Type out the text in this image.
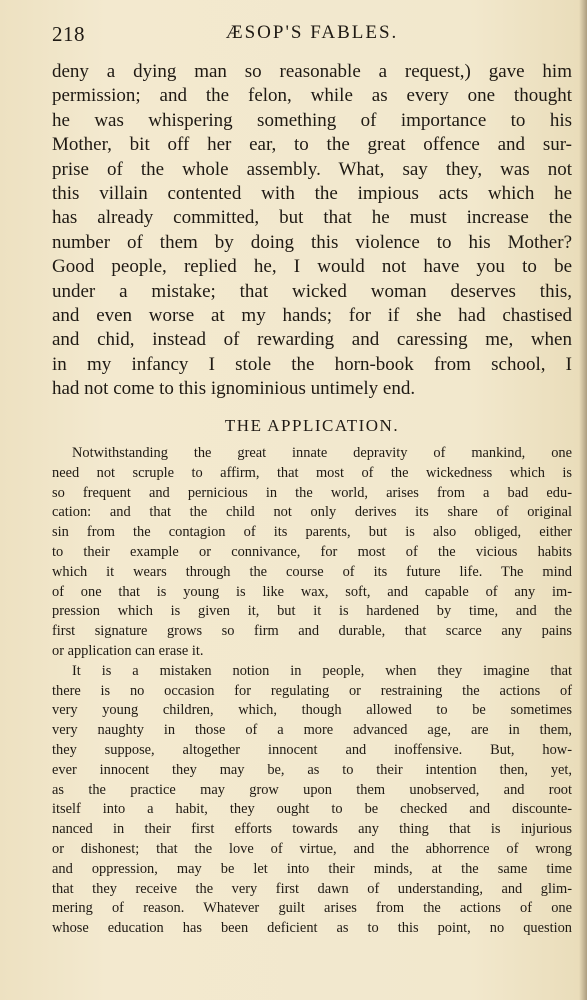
218	ÆSOP'S FABLES.
deny a dying man so reasonable a request,) gave him
permission; and the felon, while as every one thought
he was whispering something of importance to his
Mother, bit off her ear, to the great offence and sur-
prise of the whole assembly. What, say they, was not
this villain contented with the impious acts which he
has already committed, but that he must increase the
number of them by doing this violence to his Mother?
Good people, replied he, I would not have you to be
under a mistake; that wicked woman deserves this,
and even worse at my hands; for if she had chastised
and chid, instead of rewarding and caressing me, when
in my infancy I stole the horn-book from school, I
had not come to this ignominious untimely end.
THE APPLICATION.
Notwithstanding the great innate depravity of mankind, one
need not scruple to affirm, that most of the wickedness which is
so frequent and pernicious in the world, arises from a bad edu-
cation: and that the child not only derives its share of original
sin from the contagion of its parents, but is also obliged, either
to their example or connivance, for most of the vicious habits
which it wears through the course of its future life. The mind
of one that is young is like wax, soft, and capable of any im-
pression which is given it, but it is hardened by time, and the
first signature grows so firm and durable, that scarce any pains
or application can erase it.
It is a mistaken notion in people, when they imagine that
there is no occasion for regulating or restraining the actions of
very young children, which, though allowed to be sometimes
very naughty in those of a more advanced age, are in them,
they suppose, altogether innocent and inoffensive. But, how-
ever innocent they may be, as to their intention then, yet,
as the practice may grow upon them unobserved, and root
itself into a habit, they ought to be checked and discounte-
nanced in their first efforts towards any thing that is injurious
or dishonest; that the love of virtue, and the abhorrence of wrong
and oppression, may be let into their minds, at the same time
that they receive the very first dawn of understanding, and glim-
mering of reason. Whatever guilt arises from the actions of one
whose education has been deficient as to this point, no question
